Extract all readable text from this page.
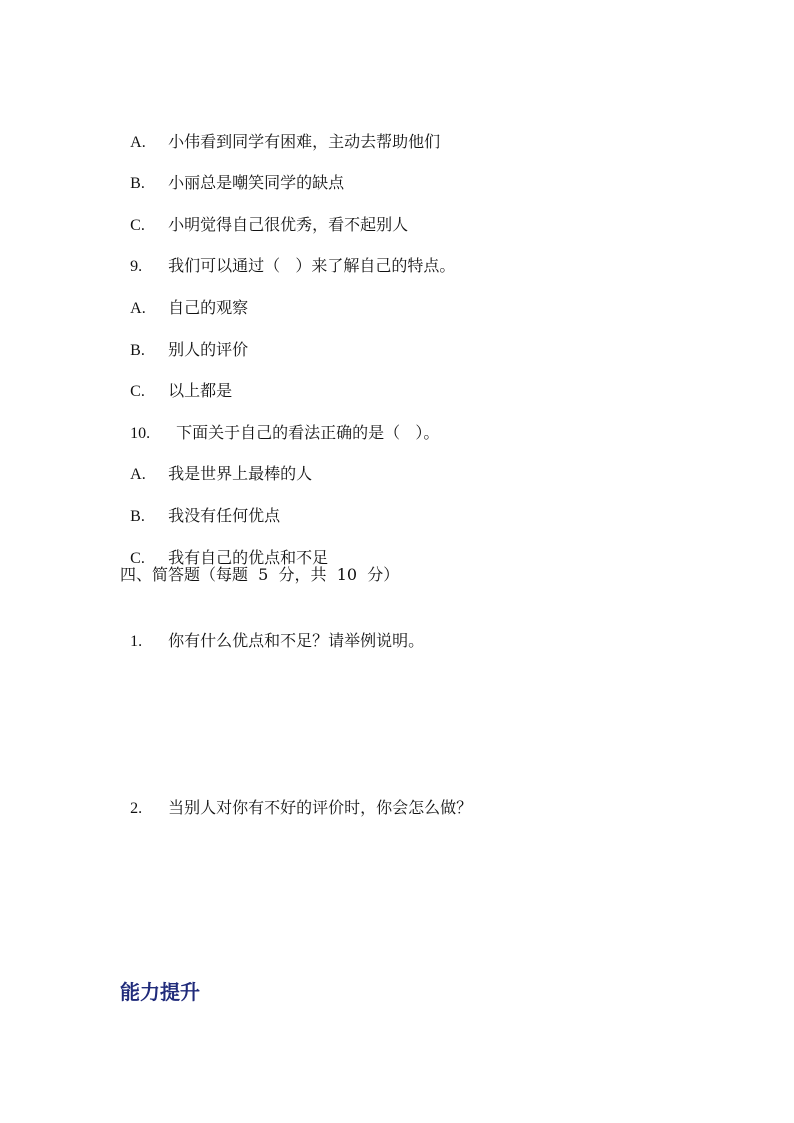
A. 小伟看到同学有困难，主动去帮助他们

B. 小丽总是嘲笑同学的缺点

C. 小明觉得自己很优秀，看不起别人

9. 我们可以通过（   ）来了解自己的特点。

A. 自己的观察

B. 别人的评价

C. 以上都是

10. 下面关于自己的看法正确的是（   ）。

A. 我是世界上最棒的人

B. 我没有任何优点

C. 我有自己的优点和不足

四、简答题（每题  5  分，共  10  分）

1. 你有什么优点和不足？请举例说明。

2. 当别人对你有不好的评价时，你会怎么做？

能力提升
